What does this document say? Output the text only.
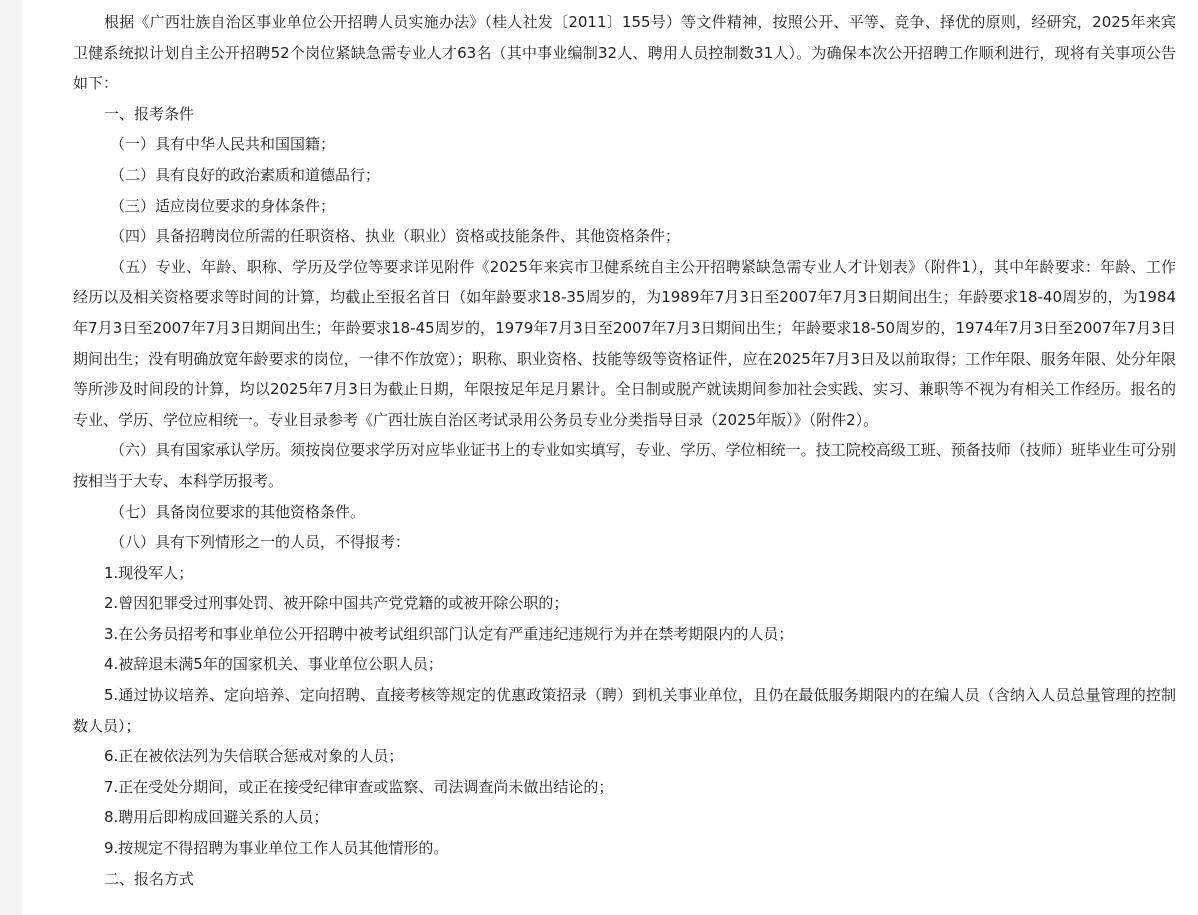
根据《广西壮族自治区事业单位公开招聘人员实施办法》（桂人社发〔2011〕155号）等文件精神，按照公开、平等、竞争、择优的原则，经研究，2025年来宾卫健系统拟计划自主公开招聘52个岗位紧缺急需专业人才63名（其中事业编制32人、聘用人员控制数31人）。为确保本次公开招聘工作顺利进行，现将有关事项公告如下：

一、报考条件

（一）具有中华人民共和国国籍；

（二）具有良好的政治素质和道德品行；

（三）适应岗位要求的身体条件；

（四）具备招聘岗位所需的任职资格、执业（职业）资格或技能条件、其他资格条件；

（五）专业、年龄、职称、学历及学位等要求详见附件《2025年来宾市卫健系统自主公开招聘紧缺急需专业人才计划表》（附件1），其中年龄要求：年龄、工作经历以及相关资格要求等时间的计算，均截止至报名首日（如年龄要求18-35周岁的，为1989年7月3日至2007年7月3日期间出生；年龄要求18-40周岁的，为1984年7月3日至2007年7月3日期间出生；年龄要求18-45周岁的，1979年7月3日至2007年7月3日期间出生；年龄要求18-50周岁的，1974年7月3日至2007年7月3日期间出生；没有明确放宽年龄要求的岗位，一律不作放宽）；职称、职业资格、技能等级等资格证件，应在2025年7月3日及以前取得；工作年限、服务年限、处分年限等所涉及时间段的计算，均以2025年7月3日为截止日期，年限按足年足月累计。全日制或脱产就读期间参加社会实践、实习、兼职等不视为有相关工作经历。报名的专业、学历、学位应相统一。专业目录参考《广西壮族自治区考试录用公务员专业分类指导目录（2025年版）》（附件2）。

（六）具有国家承认学历。须按岗位要求学历对应毕业证书上的专业如实填写，专业、学历、学位相统一。技工院校高级工班、预备技师（技师）班毕业生可分别按相当于大专、本科学历报考。

（七）具备岗位要求的其他资格条件。

（八）具有下列情形之一的人员，不得报考：

1.现役军人；

2.曾因犯罪受过刑事处罚、被开除中国共产党党籍的或被开除公职的；

3.在公务员招考和事业单位公开招聘中被考试组织部门认定有严重违纪违规行为并在禁考期限内的人员；

4.被辞退未满5年的国家机关、事业单位公职人员；

5.通过协议培养、定向培养、定向招聘、直接考核等规定的优惠政策招录（聘）到机关事业单位，且仍在最低服务期限内的在编人员（含纳入人员总量管理的控制数人员）；

6.正在被依法列为失信联合惩戒对象的人员；

7.正在受处分期间，或正在接受纪律审查或监察、司法调查尚未做出结论的；

8.聘用后即构成回避关系的人员；

9.按规定不得招聘为事业单位工作人员其他情形的。

二、报名方式
